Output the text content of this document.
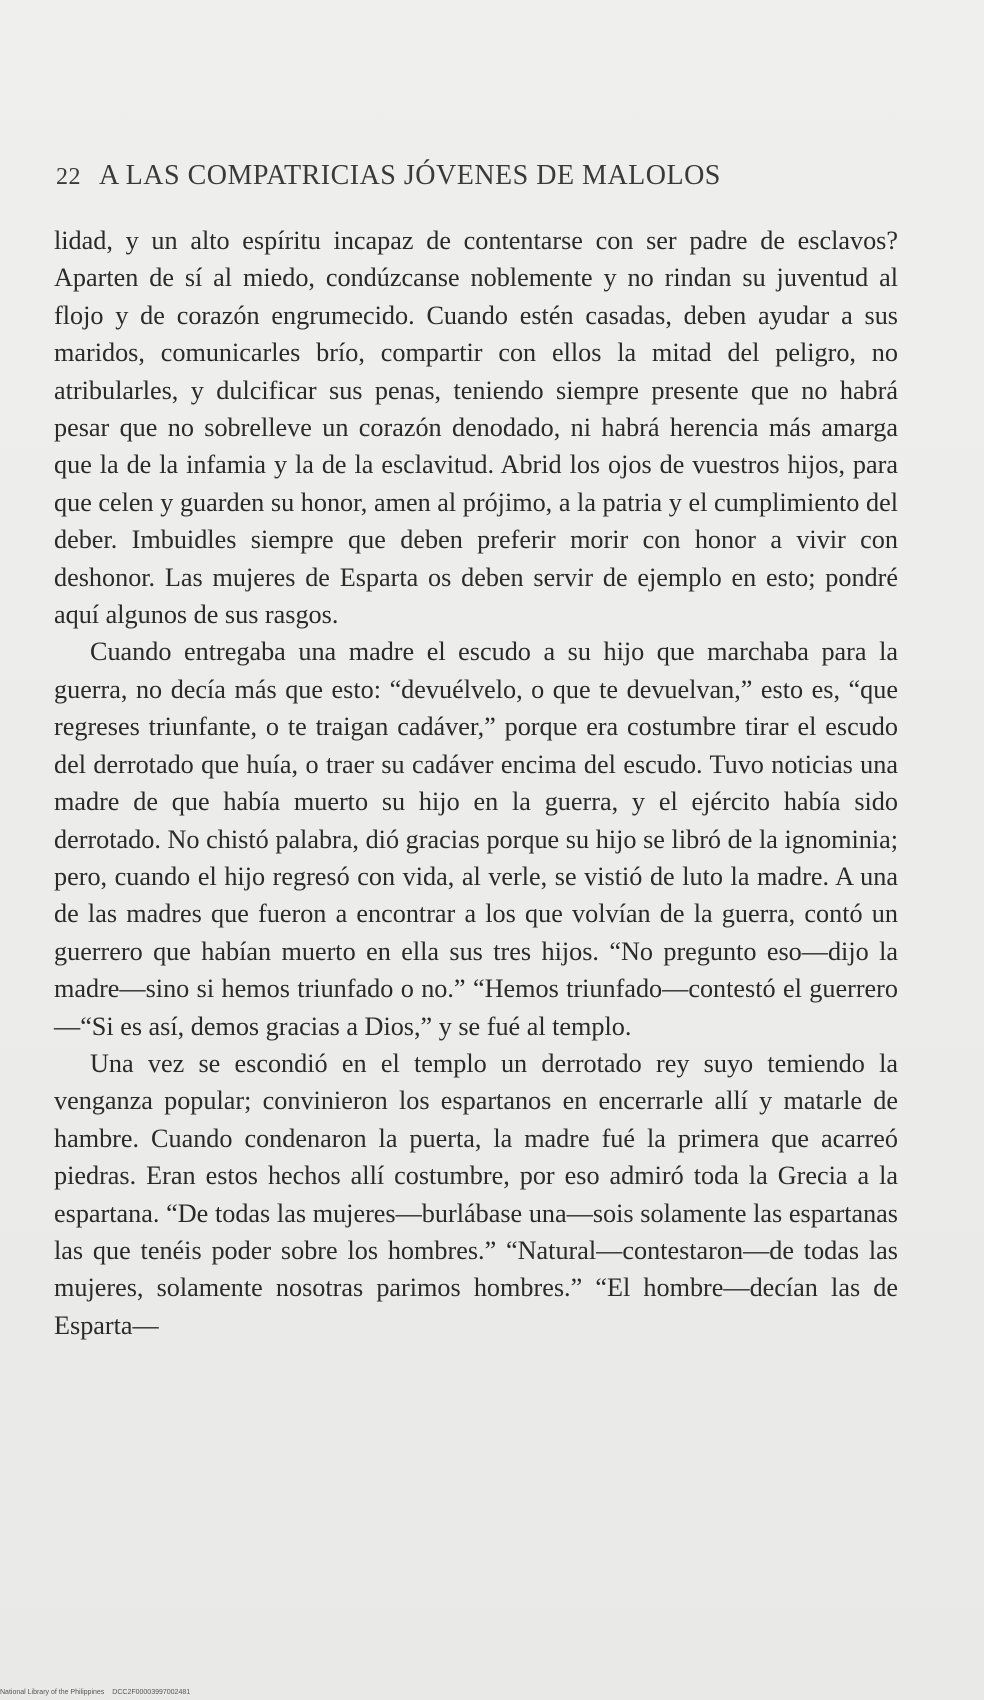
22 A LAS COMPATRICIAS JÓVENES DE MALOLOS

lidad, y un alto espíritu incapaz de contentarse con ser padre de esclavos? Aparten de sí al miedo, condúzcanse noblemente y no rindan su juventud al flojo y de corazón engrumecido. Cuando estén casadas, deben ayudar a sus maridos, comunicarles brío, compartir con ellos la mitad del peligro, no atribularles, y dulcificar sus penas, teniendo siempre presente que no habrá pesar que no sobrelleve un corazón denodado, ni habrá herencia más amarga que la de la infamia y la de la esclavitud. Abrid los ojos de vuestros hijos, para que celen y guarden su honor, amen al prójimo, a la patria y el cumplimiento del deber. Imbuidles siempre que deben preferir morir con honor a vivir con deshonor. Las mujeres de Esparta os deben servir de ejemplo en esto; pondré aquí algunos de sus rasgos.

Cuando entregaba una madre el escudo a su hijo que marchaba para la guerra, no decía más que esto: “devuélvelo, o que te devuelvan,” esto es, “que regreses triunfante, o te traigan cadáver,” porque era costumbre tirar el escudo del derrotado que huía, o traer su cadáver encima del escudo. Tuvo noticias una madre de que había muerto su hijo en la guerra, y el ejército había sido derrotado. No chistó palabra, dió gracias porque su hijo se libró de la ignominia; pero, cuando el hijo regresó con vida, al verle, se vistió de luto la madre. A una de las madres que fueron a encontrar a los que volvían de la guerra, contó un guerrero que habían muerto en ella sus tres hijos. “No pregunto eso—dijo la madre—sino si hemos triunfado o no.” “Hemos triunfado—contestó el guerrero—“Si es así, demos gracias a Dios,” y se fué al templo.

Una vez se escondió en el templo un derrotado rey suyo temiendo la venganza popular; convinieron los espartanos en encerrarle allí y matarle de hambre. Cuando condenaron la puerta, la madre fué la primera que acarreó piedras. Eran estos hechos allí costumbre, por eso admiró toda la Grecia a la espartana. “De todas las mujeres—burlábase una—sois solamente las espartanas las que tenéis poder sobre los hombres.” “Natural—contestaron—de todas las mujeres, solamente nosotras parimos hombres.” “El hombre—decían las de Esparta—

National Library of the Philippines DCC2F00003997002481
